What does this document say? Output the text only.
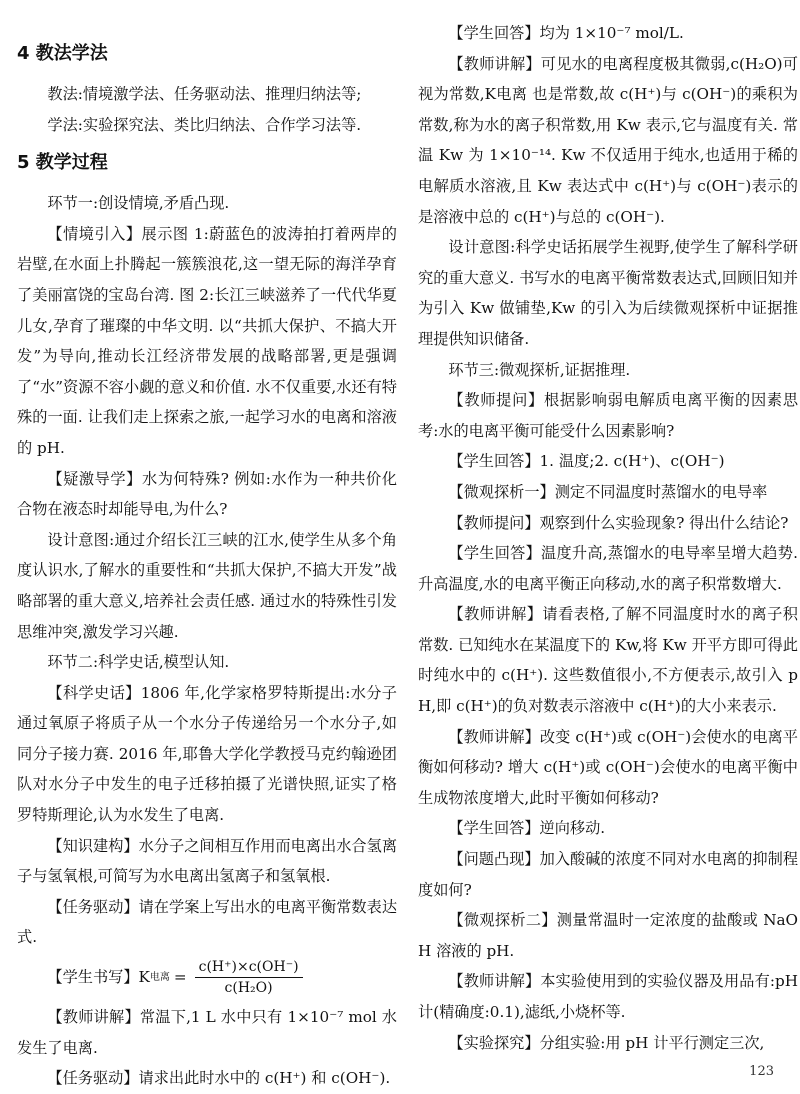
4 教法学法

教法:情境激学法、任务驱动法、推理归纳法等;

学法:实验探究法、类比归纳法、合作学习法等.

5 教学过程

环节一:创设情境,矛盾凸现.

【情境引入】展示图 1:蔚蓝色的波涛拍打着两岸的岩壁,在水面上扑腾起一簇簇浪花,这一望无际的海洋孕育了美丽富饶的宝岛台湾. 图 2:长江三峡滋养了一代代华夏儿女,孕育了璀璨的中华文明. 以“共抓大保护、不搞大开发”为导向,推动长江经济带发展的战略部署,更是强调了“水”资源不容小觑的意义和价值. 水不仅重要,水还有特殊的一面. 让我们走上探索之旅,一起学习水的电离和溶液的 pH.

【疑激导学】水为何特殊? 例如:水作为一种共价化合物在液态时却能导电,为什么?

设计意图:通过介绍长江三峡的江水,使学生从多个角度认识水,了解水的重要性和“共抓大保护,不搞大开发”战略部署的重大意义,培养社会责任感. 通过水的特殊性引发思维冲突,激发学习兴趣.

环节二:科学史话,模型认知.

【科学史话】1806 年,化学家格罗特斯提出:水分子通过氧原子将质子从一个水分子传递给另一个水分子,如同分子接力赛. 2016 年,耶鲁大学化学教授马克约翰逊团队对水分子中发生的电子迁移拍摄了光谱快照,证实了格罗特斯理论,认为水发生了电离.

【知识建构】水分子之间相互作用而电离出水合氢离子与氢氧根,可简写为水电离出氢离子和氢氧根.

【任务驱动】请在学案上写出水的电离平衡常数表达式.

【学生书写】K 电离 = $\frac{c(H^+)\times c(OH^-)}{\text{c(H₂O)}}$

【教师讲解】常温下,1 L 水中只有 1×10⁻⁷ mol 水发生了电离.

【任务驱动】请求出此时水中的 c(H⁺) 和 c(OH⁻).

【学生回答】均为 1×10⁻⁷ mol/L.

【教师讲解】可见水的电离程度极其微弱,c(H₂O)可视为常数,K电离 也是常数,故 c(H⁺)与 c(OH⁻)的乘积为常数,称为水的离子积常数,用 Kw 表示,它与温度有关. 常温 Kw 为 1×10⁻¹⁴. Kw 不仅适用于纯水,也适用于稀的电解质水溶液,且 Kw 表达式中 c(H⁺)与 c(OH⁻)表示的是溶液中总的 c(H⁺)与总的 c(OH⁻).

设计意图:科学史话拓展学生视野,使学生了解科学研究的重大意义. 书写水的电离平衡常数表达式,回顾旧知并为引入 Kw 做铺垫,Kw 的引入为后续微观探析中证据推理提供知识储备.

环节三:微观探析,证据推理.

【教师提问】根据影响弱电解质电离平衡的因素思考:水的电离平衡可能受什么因素影响?

【学生回答】1. 温度;2. c(H⁺)、c(OH⁻)

【微观探析一】测定不同温度时蒸馏水的电导率

【教师提问】观察到什么实验现象? 得出什么结论?

【学生回答】温度升高,蒸馏水的电导率呈增大趋势. 升高温度,水的电离平衡正向移动,水的离子积常数增大.

【教师讲解】请看表格,了解不同温度时水的离子积常数. 已知纯水在某温度下的 Kw,将 Kw 开平方即可得此时纯水中的 c(H⁺). 这些数值很小,不方便表示,故引入 pH,即 c(H⁺)的负对数表示溶液中 c(H⁺)的大小来表示.

【教师讲解】改变 c(H⁺)或 c(OH⁻)会使水的电离平衡如何移动? 增大 c(H⁺)或 c(OH⁻)会使水的电离平衡中生成物浓度增大,此时平衡如何移动?

【学生回答】逆向移动.

【问题凸现】加入酸碱的浓度不同对水电离的抑制程度如何?

【微观探析二】测量常温时一定浓度的盐酸或 NaOH 溶液的 pH.

【教师讲解】本实验使用到的实验仪器及用品有:pH 计(精确度:0.1),滤纸,小烧杯等.

【实验探究】分组实验:用 pH 计平行测定三次,

123
